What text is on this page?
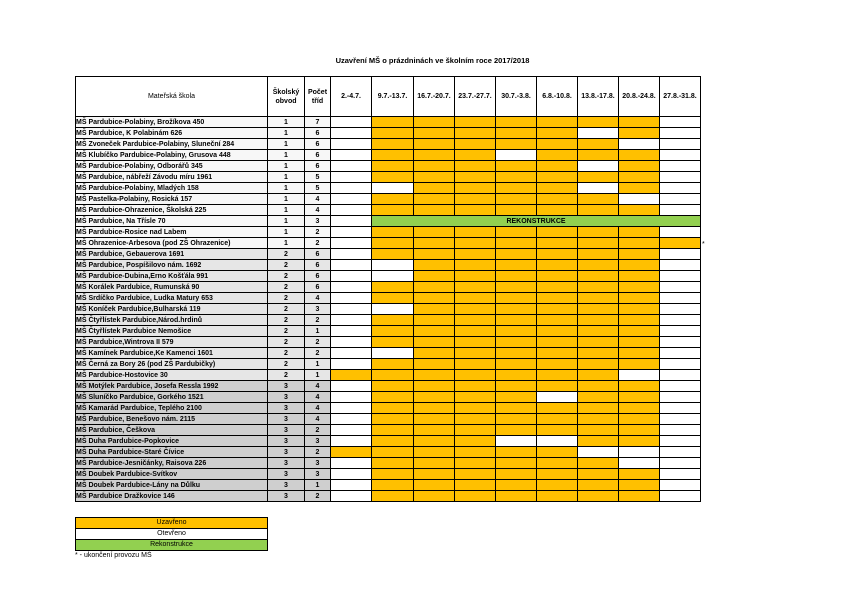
Uzavření MŠ o prázdninách ve školním roce 2017/2018
Mateřská škola	Školský obvod	Počet tříd	2.-4.7.	9.7.-13.7.	16.7.-20.7.	23.7.-27.7.	30.7.-3.8.	6.8.-10.8.	13.8.-17.8.	20.8.-24.8.	27.8.-31.8.
MŠ Pardubice-Polabiny, Brožíkova 450	1	7									
MŠ Pardubice, K Polabinám 626	1	6									
MŠ Zvoneček Pardubice-Polabiny, Sluneční 284	1	6									
MŠ Klubíčko Pardubice-Polabiny, Grusova 448	1	6									
MŠ Pardubice-Polabiny, Odborářů 345	1	6									
MŠ Pardubice, nábřeží Závodu míru 1961	1	5									
MŠ Pardubice-Polabiny, Mladých 158	1	5									
MŠ Pastelka-Polabiny, Rosická 157	1	4									
MŠ Pardubice-Ohrazenice, Školská 225	1	4									
MŠ Pardubice, Na Třísle 70	1	3		REKONSTRUKCE							
MŠ Pardubice-Rosice nad Labem	1	2									
MŠ Ohrazenice-Arbesova (pod ZŠ Ohrazenice)	1	2									
MŠ Pardubice, Gebauerova 1691	2	6									
MŠ Pardubice, Pospíšilovo nám. 1692	2	6									
MŠ Pardubice-Dubina,Erno Košťála 991	2	6									
MŠ Korálek Pardubice, Rumunská 90	2	6									
MŠ Srdíčko Pardubice, Ludka Matury 653	2	4									
MŠ Koníček Pardubice,Bulharská 119	2	3									
MŠ Čtyřlístek Pardubice,Národ.hrdinů	2	2									
MŠ Čtyřlístek Pardubice Nemošice	2	1									
MŠ Pardubice,Wintrova II 579	2	2									
MŠ Kamínek Pardubice,Ke Kamenci 1601	2	2									
MŠ Černá za Bory 26 (pod ZŠ Pardubičky)	2	1									
MŠ Pardubice-Hostovice 30	2	1									
MŠ Motýlek Pardubice, Josefa Ressla 1992	3	4									
MŠ Sluníčko Pardubice, Gorkého 1521	3	4									
MŠ Kamarád Pardubice, Teplého 2100	3	4									
MŠ Pardubice, Benešovo nám. 2115	3	4									
MŠ Pardubice, Češkova	3	2									
MŠ Duha Pardubice-Popkovice	3	3									
MŠ Duha Pardubice-Staré Čívice	3	2									
MŠ Pardubice-Jesničánky, Raisova 226	3	3									
MŠ Doubek Pardubice-Svítkov	3	3									
MŠ Doubek Pardubice-Lány na Důlku	3	1									
MŠ Pardubice Dražkovice 146	3	2									
*
Uzavřeno
Otevřeno
Rekonstrukce
* - ukončení provozu MŠ
